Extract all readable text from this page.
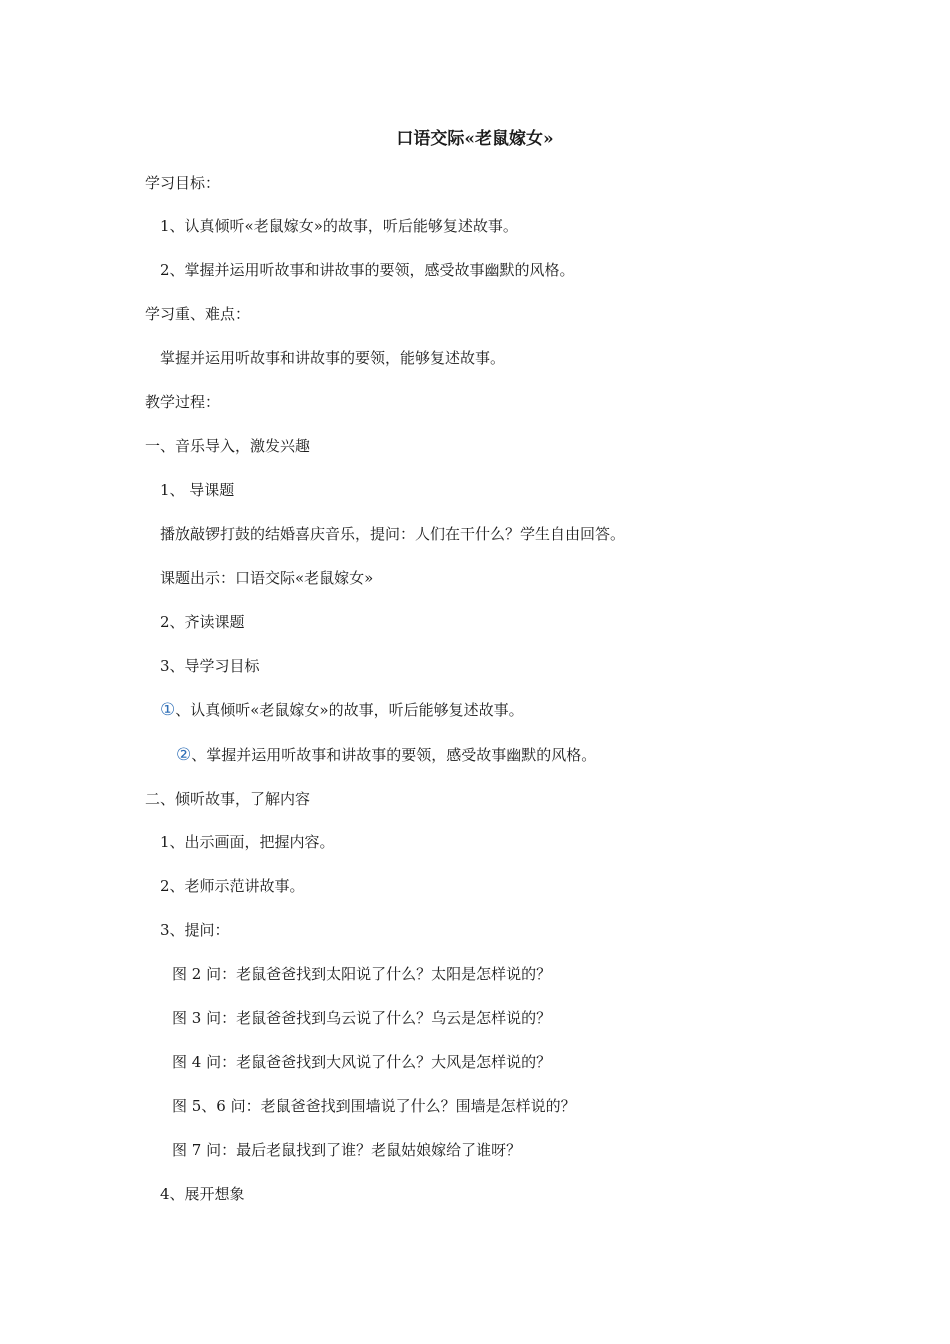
口语交际«老鼠嫁女»
学习目标：
1、认真倾听«老鼠嫁女»的故事，听后能够复述故事。
2、掌握并运用听故事和讲故事的要领，感受故事幽默的风格。
学习重、难点：
掌握并运用听故事和讲故事的要领，能够复述故事。
教学过程：
一、音乐导入，激发兴趣
1、 导课题
播放敲锣打鼓的结婚喜庆音乐，提问：人们在干什么？学生自由回答。
课题出示：口语交际«老鼠嫁女»
2、齐读课题
3、导学习目标
①、认真倾听«老鼠嫁女»的故事，听后能够复述故事。
②、掌握并运用听故事和讲故事的要领，感受故事幽默的风格。
二、倾听故事，了解内容
1、出示画面，把握内容。
2、老师示范讲故事。
3、提问：
图 2 问：老鼠爸爸找到太阳说了什么？太阳是怎样说的？
图 3 问：老鼠爸爸找到乌云说了什么？乌云是怎样说的？
图 4 问：老鼠爸爸找到大风说了什么？大风是怎样说的？
图 5、6 问：老鼠爸爸找到围墙说了什么？围墙是怎样说的？
图 7 问：最后老鼠找到了谁？老鼠姑娘嫁给了谁呀？
4、展开想象
